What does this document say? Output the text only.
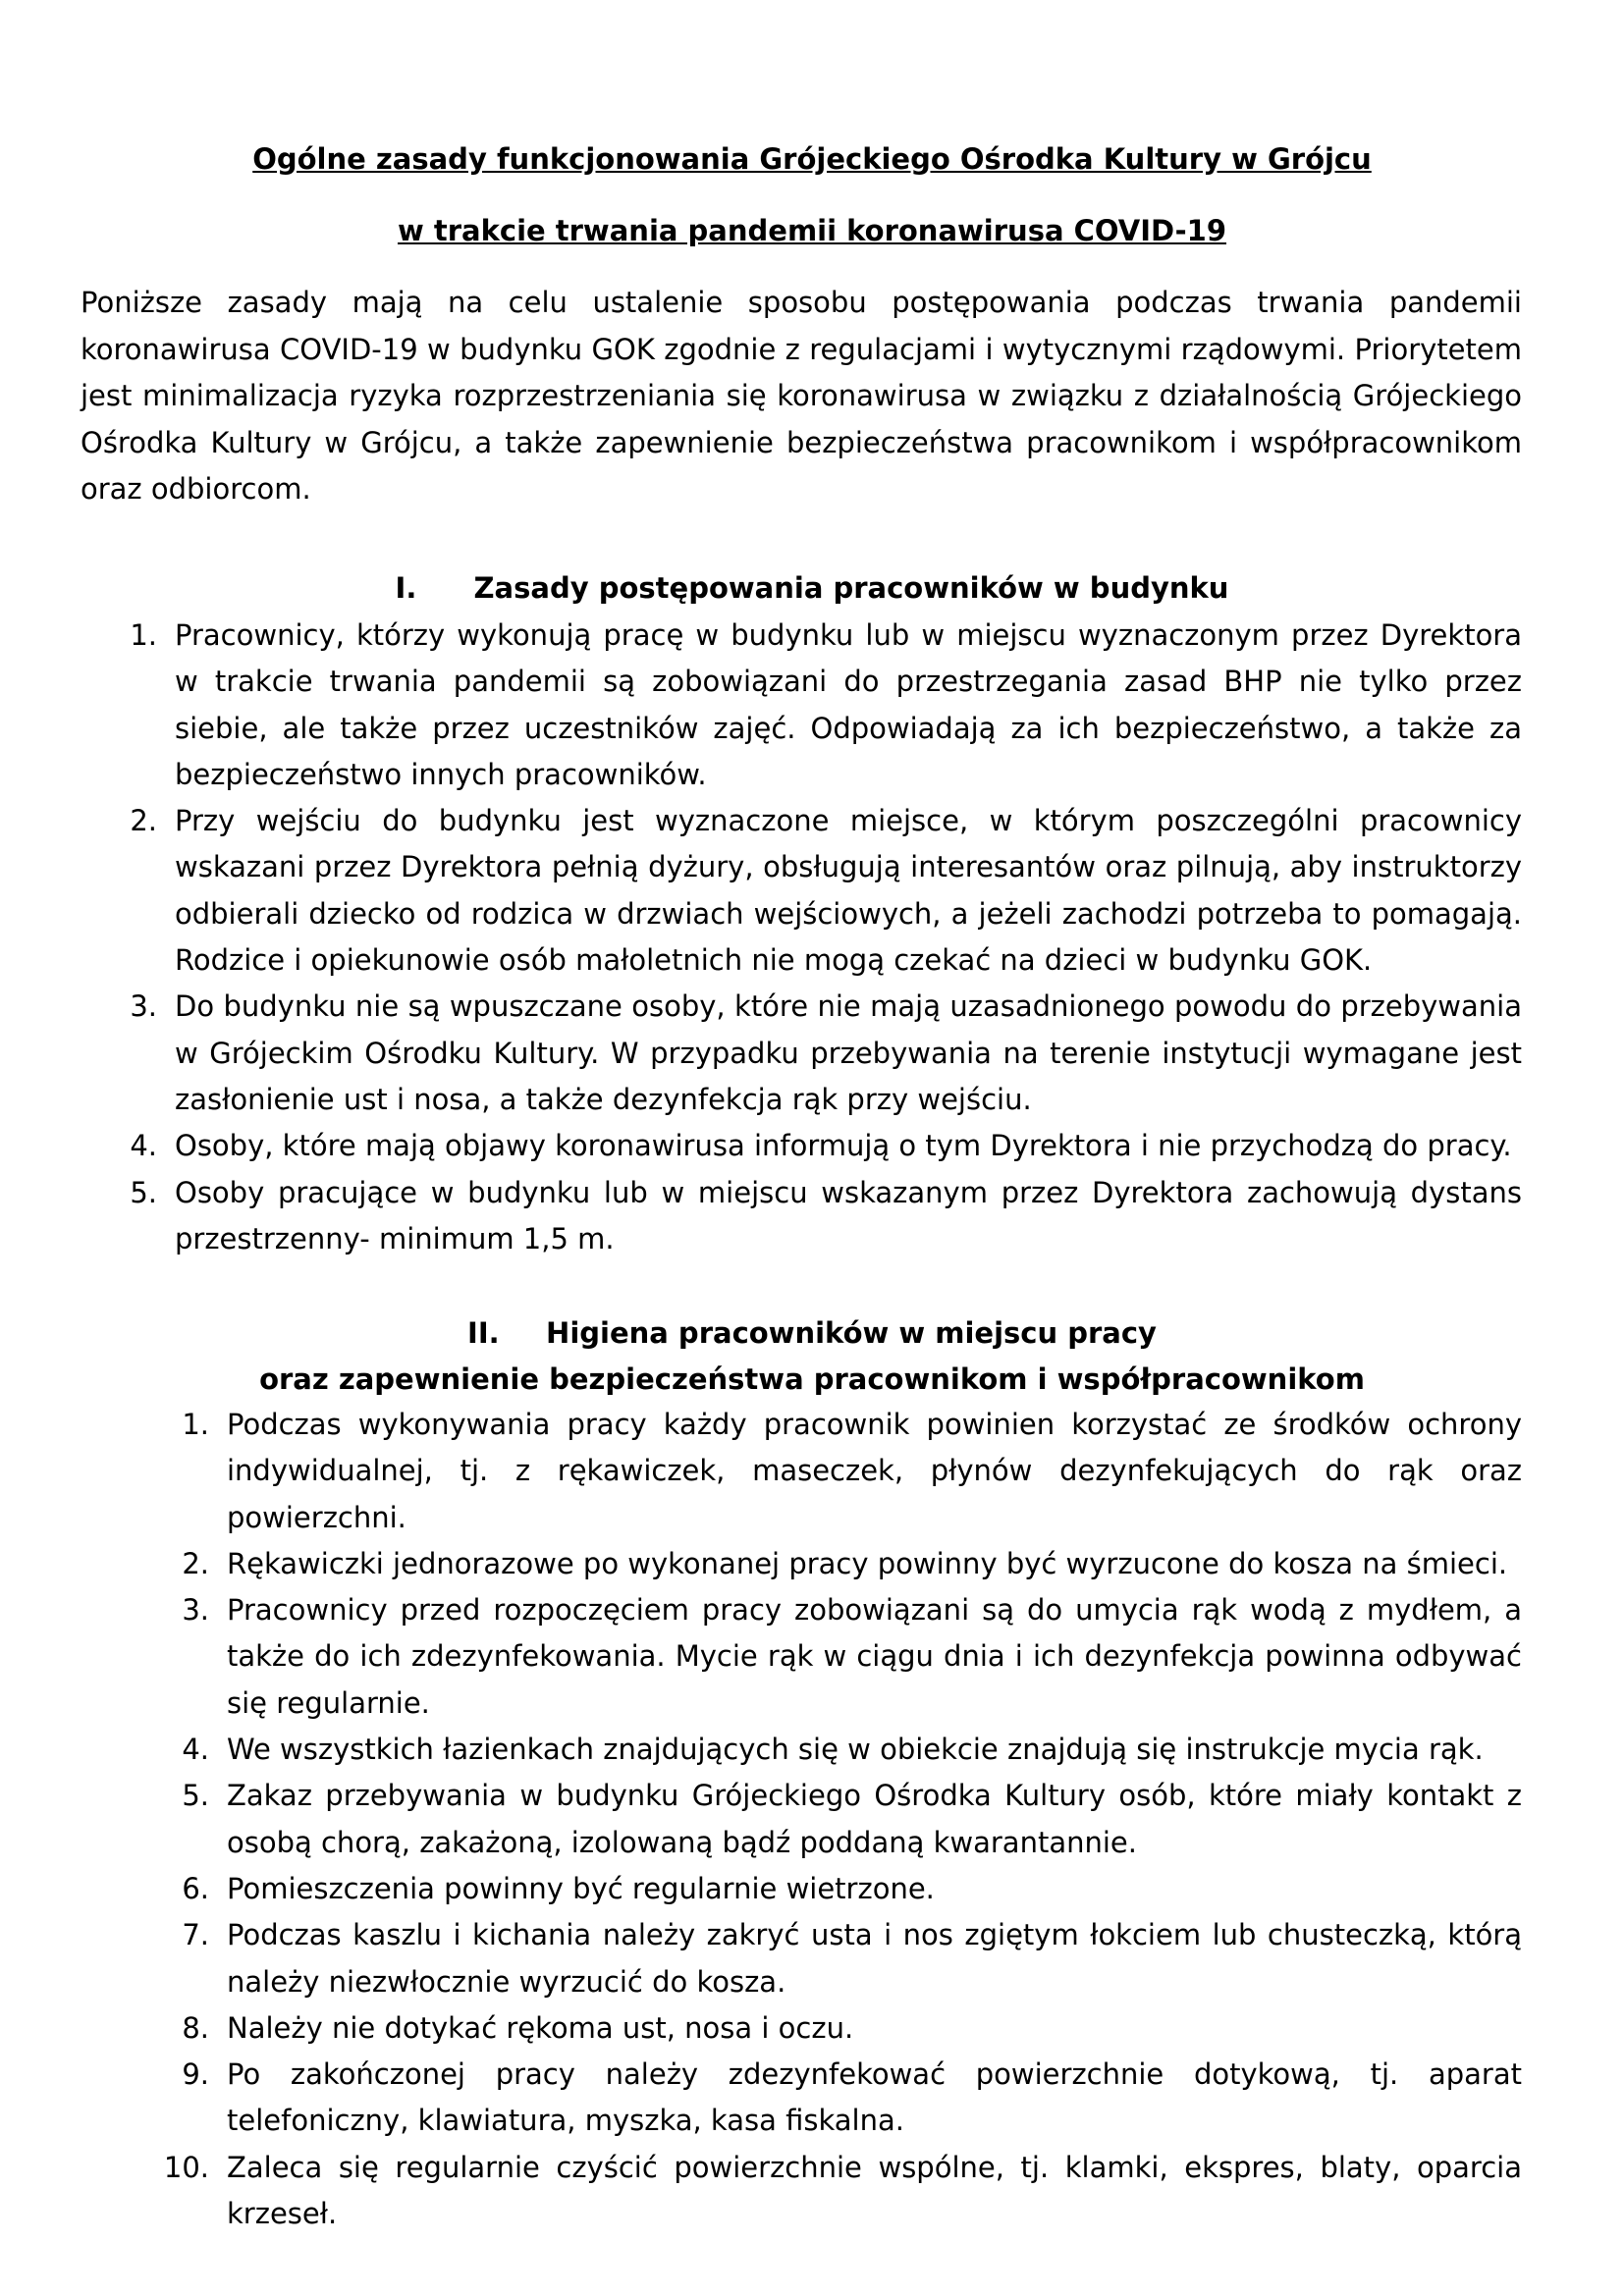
Ogólne zasady funkcjonowania Grójeckiego Ośrodka Kultury w Grójcu
w trakcie trwania pandemii koronawirusa COVID-19

Poniższe zasady mają na celu ustalenie sposobu postępowania podczas trwania pandemii koronawirusa COVID-19 w budynku GOK zgodnie z regulacjami i wytycznymi rządowymi. Priorytetem jest minimalizacja ryzyka rozprzestrzeniania się koronawirusa w związku z działalnością Grójeckiego Ośrodka Kultury w Grójcu, a także zapewnienie bezpieczeństwa pracownikom i współpracownikom oraz odbiorcom.

I. Zasady postępowania pracowników w budynku
1. Pracownicy, którzy wykonują pracę w budynku lub w miejscu wyznaczonym przez Dyrektora w trakcie trwania pandemii są zobowiązani do przestrzegania zasad BHP nie tylko przez siebie, ale także przez uczestników zajęć. Odpowiadają za ich bezpieczeństwo, a także za bezpieczeństwo innych pracowników.
2. Przy wejściu do budynku jest wyznaczone miejsce, w którym poszczególni pracownicy wskazani przez Dyrektora pełnią dyżury, obsługują interesantów oraz pilnują, aby instruktorzy odbierali dziecko od rodzica w drzwiach wejściowych, a jeżeli zachodzi potrzeba to pomagają. Rodzice i opiekunowie osób małoletnich nie mogą czekać na dzieci w budynku GOK.
3. Do budynku nie są wpuszczane osoby, które nie mają uzasadnionego powodu do przebywania w Grójeckim Ośrodku Kultury. W przypadku przebywania na terenie instytucji wymagane jest zasłonienie ust i nosa, a także dezynfekcja rąk przy wejściu.
4. Osoby, które mają objawy koronawirusa informują o tym Dyrektora i nie przychodzą do pracy.
5. Osoby pracujące w budynku lub w miejscu wskazanym przez Dyrektora zachowują dystans przestrzenny- minimum 1,5 m.
II. Higiena pracowników w miejscu pracy
oraz zapewnienie bezpieczeństwa pracownikom i współpracownikom
1. Podczas wykonywania pracy każdy pracownik powinien korzystać ze środków ochrony indywidualnej, tj. z rękawiczek, maseczek, płynów dezynfekujących do rąk oraz powierzchni.
2. Rękawiczki jednorazowe po wykonanej pracy powinny być wyrzucone do kosza na śmieci.
3. Pracownicy przed rozpoczęciem pracy zobowiązani są do umycia rąk wodą z mydłem, a także do ich zdezynfekowania. Mycie rąk w ciągu dnia i ich dezynfekcja powinna odbywać się regularnie.
4. We wszystkich łazienkach znajdujących się w obiekcie znajdują się instrukcje mycia rąk.
5. Zakaz przebywania w budynku Grójeckiego Ośrodka Kultury osób, które miały kontakt z osobą chorą, zakażoną, izolowaną bądź poddaną kwarantannie.
6. Pomieszczenia powinny być regularnie wietrzone.
7. Podczas kaszlu i kichania należy zakryć usta i nos zgiętym łokciem lub chusteczką, którą należy niezwłocznie wyrzucić do kosza.
8. Należy nie dotykać rękoma ust, nosa i oczu.
9. Po zakończonej pracy należy zdezynfekować powierzchnie dotykową, tj. aparat telefoniczny, klawiatura, myszka, kasa fiskalna.
10. Zaleca się regularnie czyścić powierzchnie wspólne, tj. klamki, ekspres, blaty, oparcia krzeseł.
